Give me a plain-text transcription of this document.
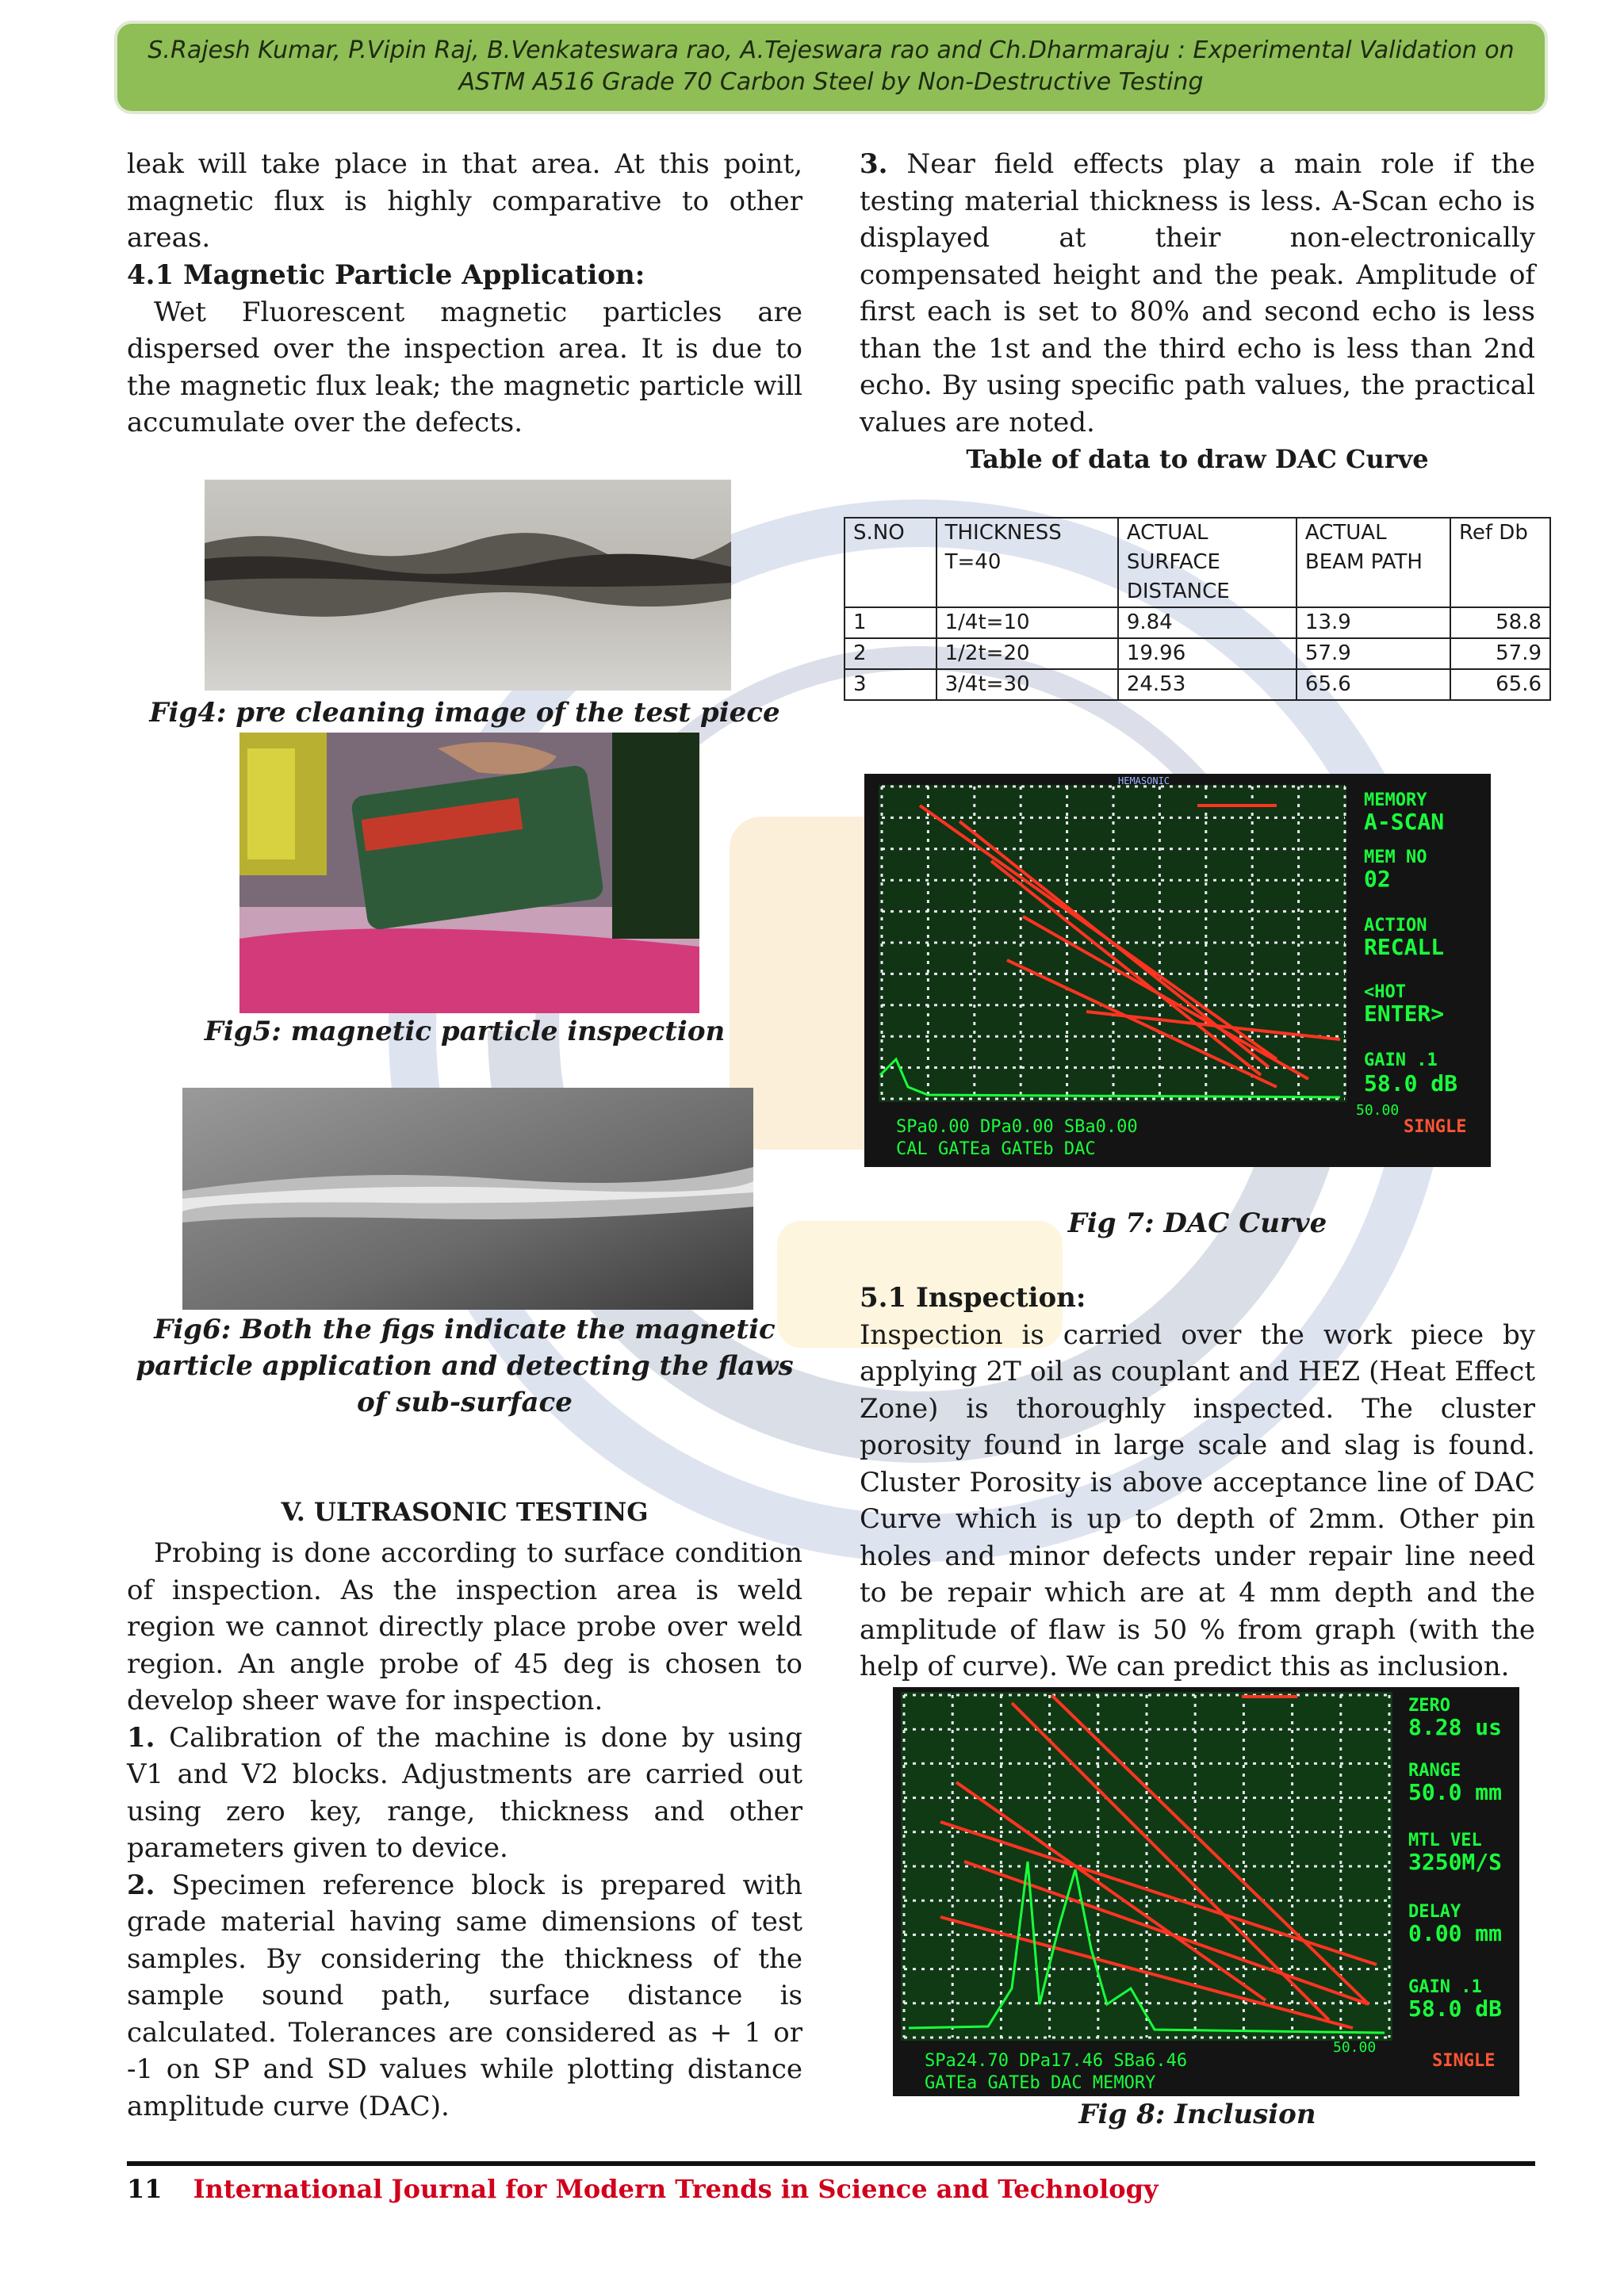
S.Rajesh Kumar, P.Vipin Raj, B.Venkateswara rao, A.Tejeswara rao and Ch.Dharmaraju : Experimental Validation on
ASTM A516 Grade 70 Carbon Steel by Non-Destructive Testing

leak will take place in that area. At this point, magnetic flux is highly comparative to other areas.

4.1 Magnetic Particle Application:

Wet Fluorescent magnetic particles are dispersed over the inspection area. It is due to the magnetic flux leak; the magnetic particle will accumulate over the defects.

Fig4: pre cleaning image of the test piece
Fig5: magnetic particle inspection
Fig6: Both the figs indicate the magnetic particle application and detecting the flaws of sub-surface
V. ULTRASONIC TESTING

Probing is done according to surface condition of inspection. As the inspection area is weld region we cannot directly place probe over weld region. An angle probe of 45 deg is chosen to develop sheer wave for inspection.

1. Calibration of the machine is done by using V1 and V2 blocks. Adjustments are carried out using zero key, range, thickness and other parameters given to device.

2. Specimen reference block is prepared with grade material having same dimensions of test samples. By considering the thickness of the sample sound path, surface distance is calculated. Tolerances are considered as + 1 or -1 on SP and SD values while plotting distance amplitude curve (DAC).

3. Near field effects play a main role if the testing material thickness is less. A-Scan echo is displayed at their non-electronically compensated height and the peak. Amplitude of first each is set to 80% and second echo is less than the 1st and the third echo is less than 2nd echo. By using specific path values, the practical values are noted.

Table of data to draw DAC Curve
S.NO	THICKNESS T=40	ACTUAL SURFACE DISTANCE	ACTUAL BEAM PATH	Ref Db
1	1/4t=10	9.84	13.9	58.8
2	1/2t=20	19.96	57.9	57.9
3	3/4t=30	24.53	65.6	65.6
HEMASONIC
MEMORY
A-SCAN
MEM NO
02
ACTION
RECALL
<HOT
ENTER>
GAIN .1
58.0 dB
50.00
SPa0.00 DPa0.00 SBa0.00
CAL GATEa GATEb DAC
SINGLE
Fig 7: DAC Curve

5.1 Inspection:

Inspection is carried over the work piece by applying 2T oil as couplant and HEZ (Heat Effect Zone) is thoroughly inspected. The cluster porosity found in large scale and slag is found. Cluster Porosity is above acceptance line of DAC Curve which is up to depth of 2mm. Other pin holes and minor defects under repair line need to be repair which are at 4 mm depth and the amplitude of flaw is 50 % from graph (with the help of curve). We can predict this as inclusion.

ZERO
8.28 us
RANGE
50.0 mm
MTL VEL
3250M/S
DELAY
0.00 mm
GAIN .1
58.0 dB
50.00
SPa24.70 DPa17.46 SBa6.46
GATEa GATEb DAC MEMORY
SINGLE
Fig 8: Inclusion
11 International Journal for Modern Trends in Science and Technology
